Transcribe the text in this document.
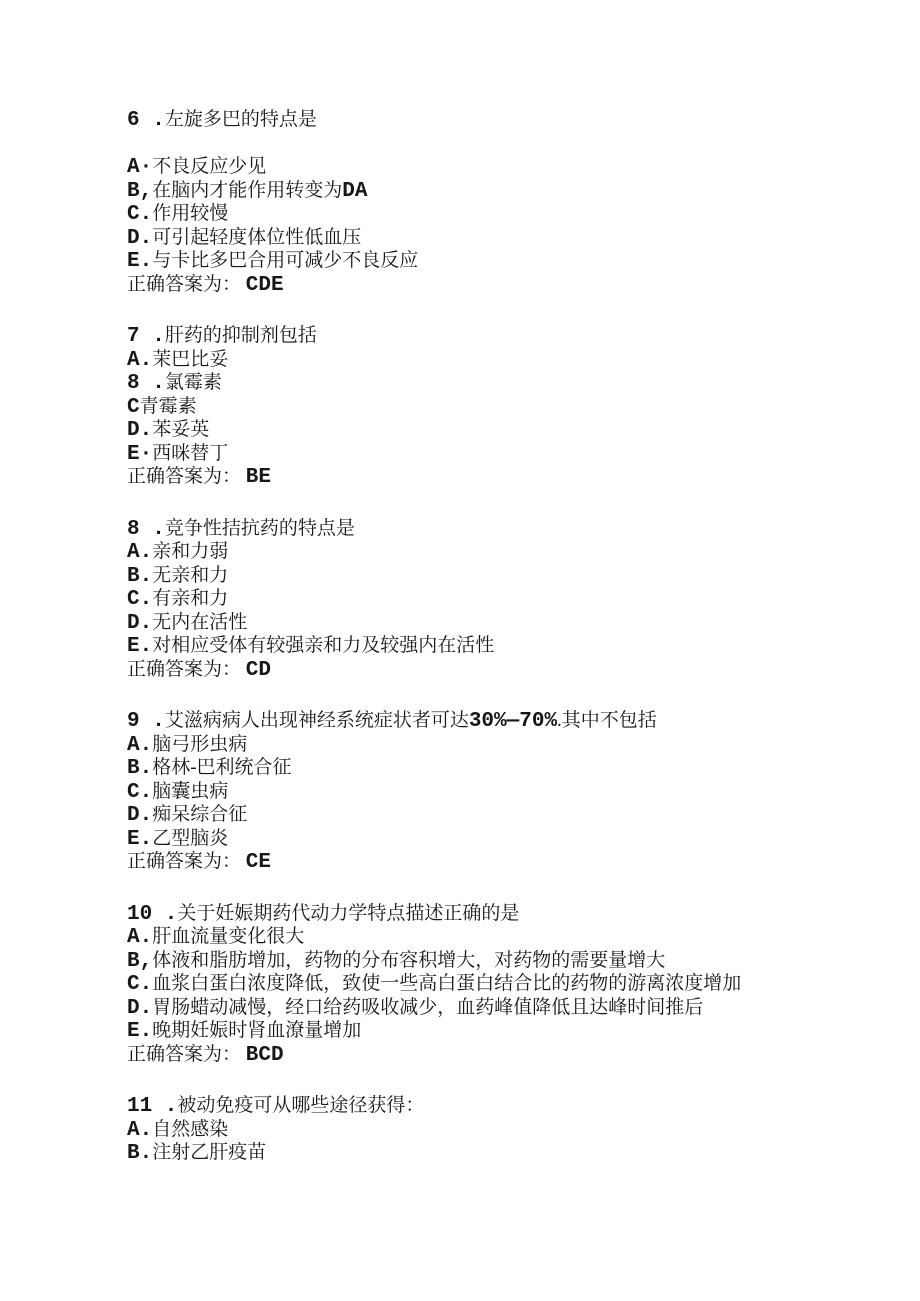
6 .左旋多巴的特点是

A·不良反应少见

B,在脑内才能作用转变为DA

C.作用较慢

D.可引起轻度体位性低血压

E.与卡比多巴合用可减少不良反应

正确答案为： CDE

7 .肝药的抑制剂包括

A.茉巴比妥

8 .氯霉素

C青霉素

D.苯妥英

E·西咪替丁

正确答案为： BE

8 .竞争性拮抗药的特点是

A.亲和力弱

B.无亲和力

C.有亲和力

D.无内在活性

E.对相应受体有较强亲和力及较强内在活性

正确答案为： CD

9 .艾滋病病人出现神经系统症状者可达30%—70%.其中不包括

A.脑弓形虫病

B.格林-巴利统合征

C.脑囊虫病

D.痴呆综合征

E.乙型脑炎

正确答案为： CE

10 .关于妊娠期药代动力学特点描述正确的是

A.肝血流量变化很大

B,体液和脂肪增加，药物的分布容积增大，对药物的需要量增大

C.血浆白蛋白浓度降低，致使一些高白蛋白结合比的药物的游离浓度增加

D.胃肠蜡动减慢，经口给药吸收减少，血药峰值降低且达峰时间推后

E.晚期妊娠时肾血潦量增加

正确答案为： BCD

11 .被动免疫可从哪些途径获得：

A.自然感染

B.注射乙肝疫苗
